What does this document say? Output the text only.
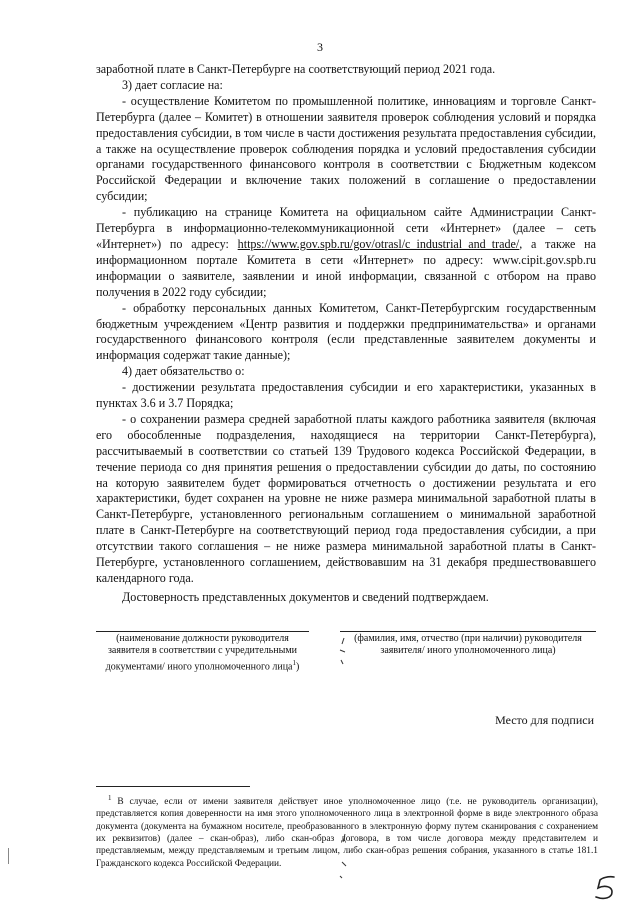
3

заработной плате в Санкт-Петербурге на соответствующий период 2021 года.

3) дает согласие на:

- осуществление Комитетом по промышленной политике, инновациям и торговле Санкт-Петербурга (далее – Комитет) в отношении заявителя проверок соблюдения условий и порядка предоставления субсидии, в том числе в части достижения результата предоставления субсидии, а также на осуществление проверок соблюдения порядка и условий предоставления субсидии органами государственного финансового контроля в соответствии с Бюджетным кодексом Российской Федерации и включение таких положений в соглашение о предоставлении субсидии;

- публикацию на странице Комитета на официальном сайте Администрации Санкт-Петербурга в информационно-телекоммуникационной сети «Интернет» (далее – сеть «Интернет») по адресу: https://www.gov.spb.ru/gov/otrasl/c_industrial_and_trade/, а также на информационном портале Комитета в сети «Интернет» по адресу: www.cipit.gov.spb.ru информации о заявителе, заявлении и иной информации, связанной с отбором на право получения в 2022 году субсидии;

- обработку персональных данных Комитетом, Санкт-Петербургским государственным бюджетным учреждением «Центр развития и поддержки предпринимательства» и органами государственного финансового контроля (если представленные заявителем документы и информация содержат такие данные);

4) дает обязательство о:

- достижении результата предоставления субсидии и его характеристики, указанных в пунктах 3.6 и 3.7 Порядка;

- о сохранении размера средней заработной платы каждого работника заявителя (включая его обособленные подразделения, находящиеся на территории Санкт-Петербурга), рассчитываемый в соответствии со статьей 139 Трудового кодекса Российской Федерации, в течение периода со дня принятия решения о предоставлении субсидии до даты, по состоянию на которую заявителем будет формироваться отчетность о достижении результата и его характеристики, будет сохранен на уровне не ниже размера минимальной заработной платы в Санкт-Петербурге, установленного региональным соглашением о минимальной заработной плате в Санкт-Петербурге на соответствующий период года предоставления субсидии, а при отсутствии такого соглашения – не ниже размера минимальной заработной платы в Санкт-Петербурге, установленного соглашением, действовавшим на 31 декабря предшествовавшего календарного года.

Достоверность представленных документов и сведений подтверждаем.
(наименование должности руководителя заявителя в соответствии с учредительными документами/ иного уполномоченного лица$^1$)
(фамилия, имя, отчество (при наличии) руководителя заявителя/ иного уполномоченного лица)
Место для подписи

$^1$ В случае, если от имени заявителя действует иное уполномоченное лицо (т.е. не руководитель организации), представляется копия доверенности на имя этого уполномоченного лица в электронной форме в виде электронного образа документа (документа на бумажном носителе, преобразованного в электронную форму путем сканирования с сохранением их реквизитов) (далее – скан-образ), либо скан-образ договора, в том числе договора между представителем и представляемым, между представляемым и третьим лицом, либо скан-образ решения собрания, указанного в статье 181.1 Гражданского кодекса Российской Федерации.
